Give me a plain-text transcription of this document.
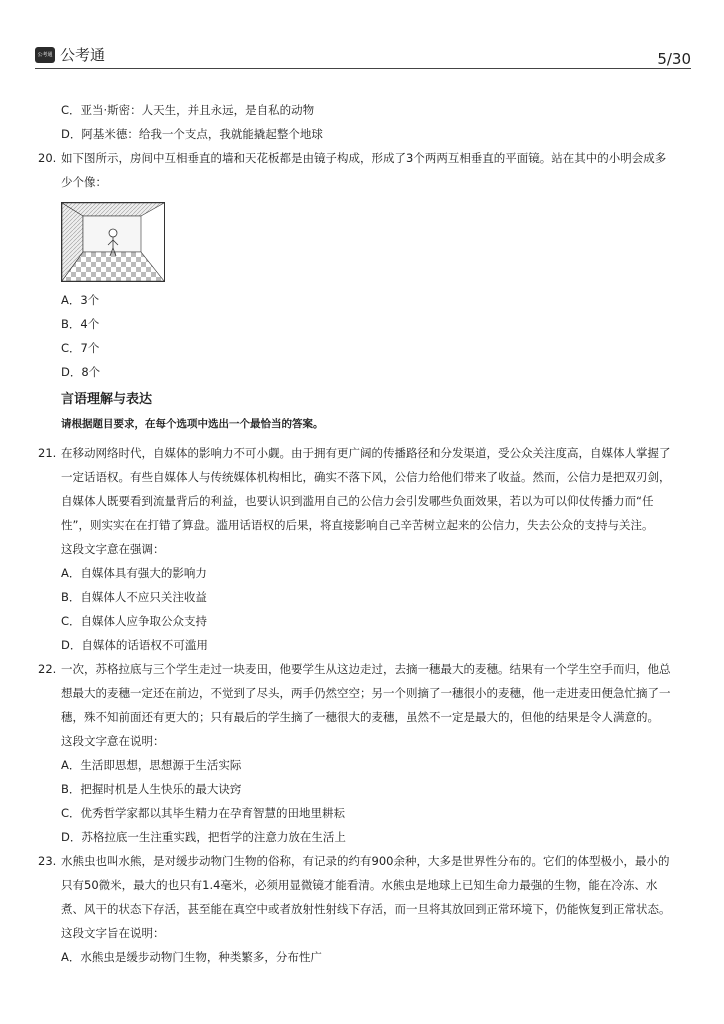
公考通 公考通	5/30
C．亚当·斯密：人天生，并且永远，是自私的动物
D．阿基米德：给我一个支点，我就能撬起整个地球
20. 如下图所示，房间中互相垂直的墙和天花板都是由镜子构成，形成了3个两两互相垂直的平面镜。站在其中的小明会成多
少个像：
A．3个
B．4个
C．7个
D．8个
言语理解与表达
请根据题目要求，在每个选项中选出一个最恰当的答案。
21. 在移动网络时代，自媒体的影响力不可小觑。由于拥有更广阔的传播路径和分发渠道，受公众关注度高，自媒体人掌握了
一定话语权。有些自媒体人与传统媒体机构相比，确实不落下风，公信力给他们带来了收益。然而，公信力是把双刃剑，
自媒体人既要看到流量背后的利益，也要认识到滥用自己的公信力会引发哪些负面效果，若以为可以仰仗传播力而“任
性”，则实实在在打错了算盘。滥用话语权的后果，将直接影响自己辛苦树立起来的公信力，失去公众的支持与关注。
这段文字意在强调：
A．自媒体具有强大的影响力
B．自媒体人不应只关注收益
C．自媒体人应争取公众支持
D．自媒体的话语权不可滥用
22. 一次，苏格拉底与三个学生走过一块麦田，他要学生从这边走过，去摘一穗最大的麦穗。结果有一个学生空手而归，他总
想最大的麦穗一定还在前边，不觉到了尽头，两手仍然空空；另一个则摘了一穗很小的麦穗，他一走进麦田便急忙摘了一
穗，殊不知前面还有更大的；只有最后的学生摘了一穗很大的麦穗，虽然不一定是最大的，但他的结果是令人满意的。
这段文字意在说明：
A．生活即思想，思想源于生活实际
B．把握时机是人生快乐的最大诀窍
C．优秀哲学家都以其毕生精力在孕育智慧的田地里耕耘
D．苏格拉底一生注重实践，把哲学的注意力放在生活上
23. 水熊虫也叫水熊，是对缓步动物门生物的俗称，有记录的约有900余种，大多是世界性分布的。它们的体型极小，最小的
只有50微米，最大的也只有1.4毫米，必须用显微镜才能看清。水熊虫是地球上已知生命力最强的生物，能在冷冻、水
煮、风干的状态下存活，甚至能在真空中或者放射性射线下存活，而一旦将其放回到正常环境下，仍能恢复到正常状态。
这段文字旨在说明：
A．水熊虫是缓步动物门生物，种类繁多，分布性广
